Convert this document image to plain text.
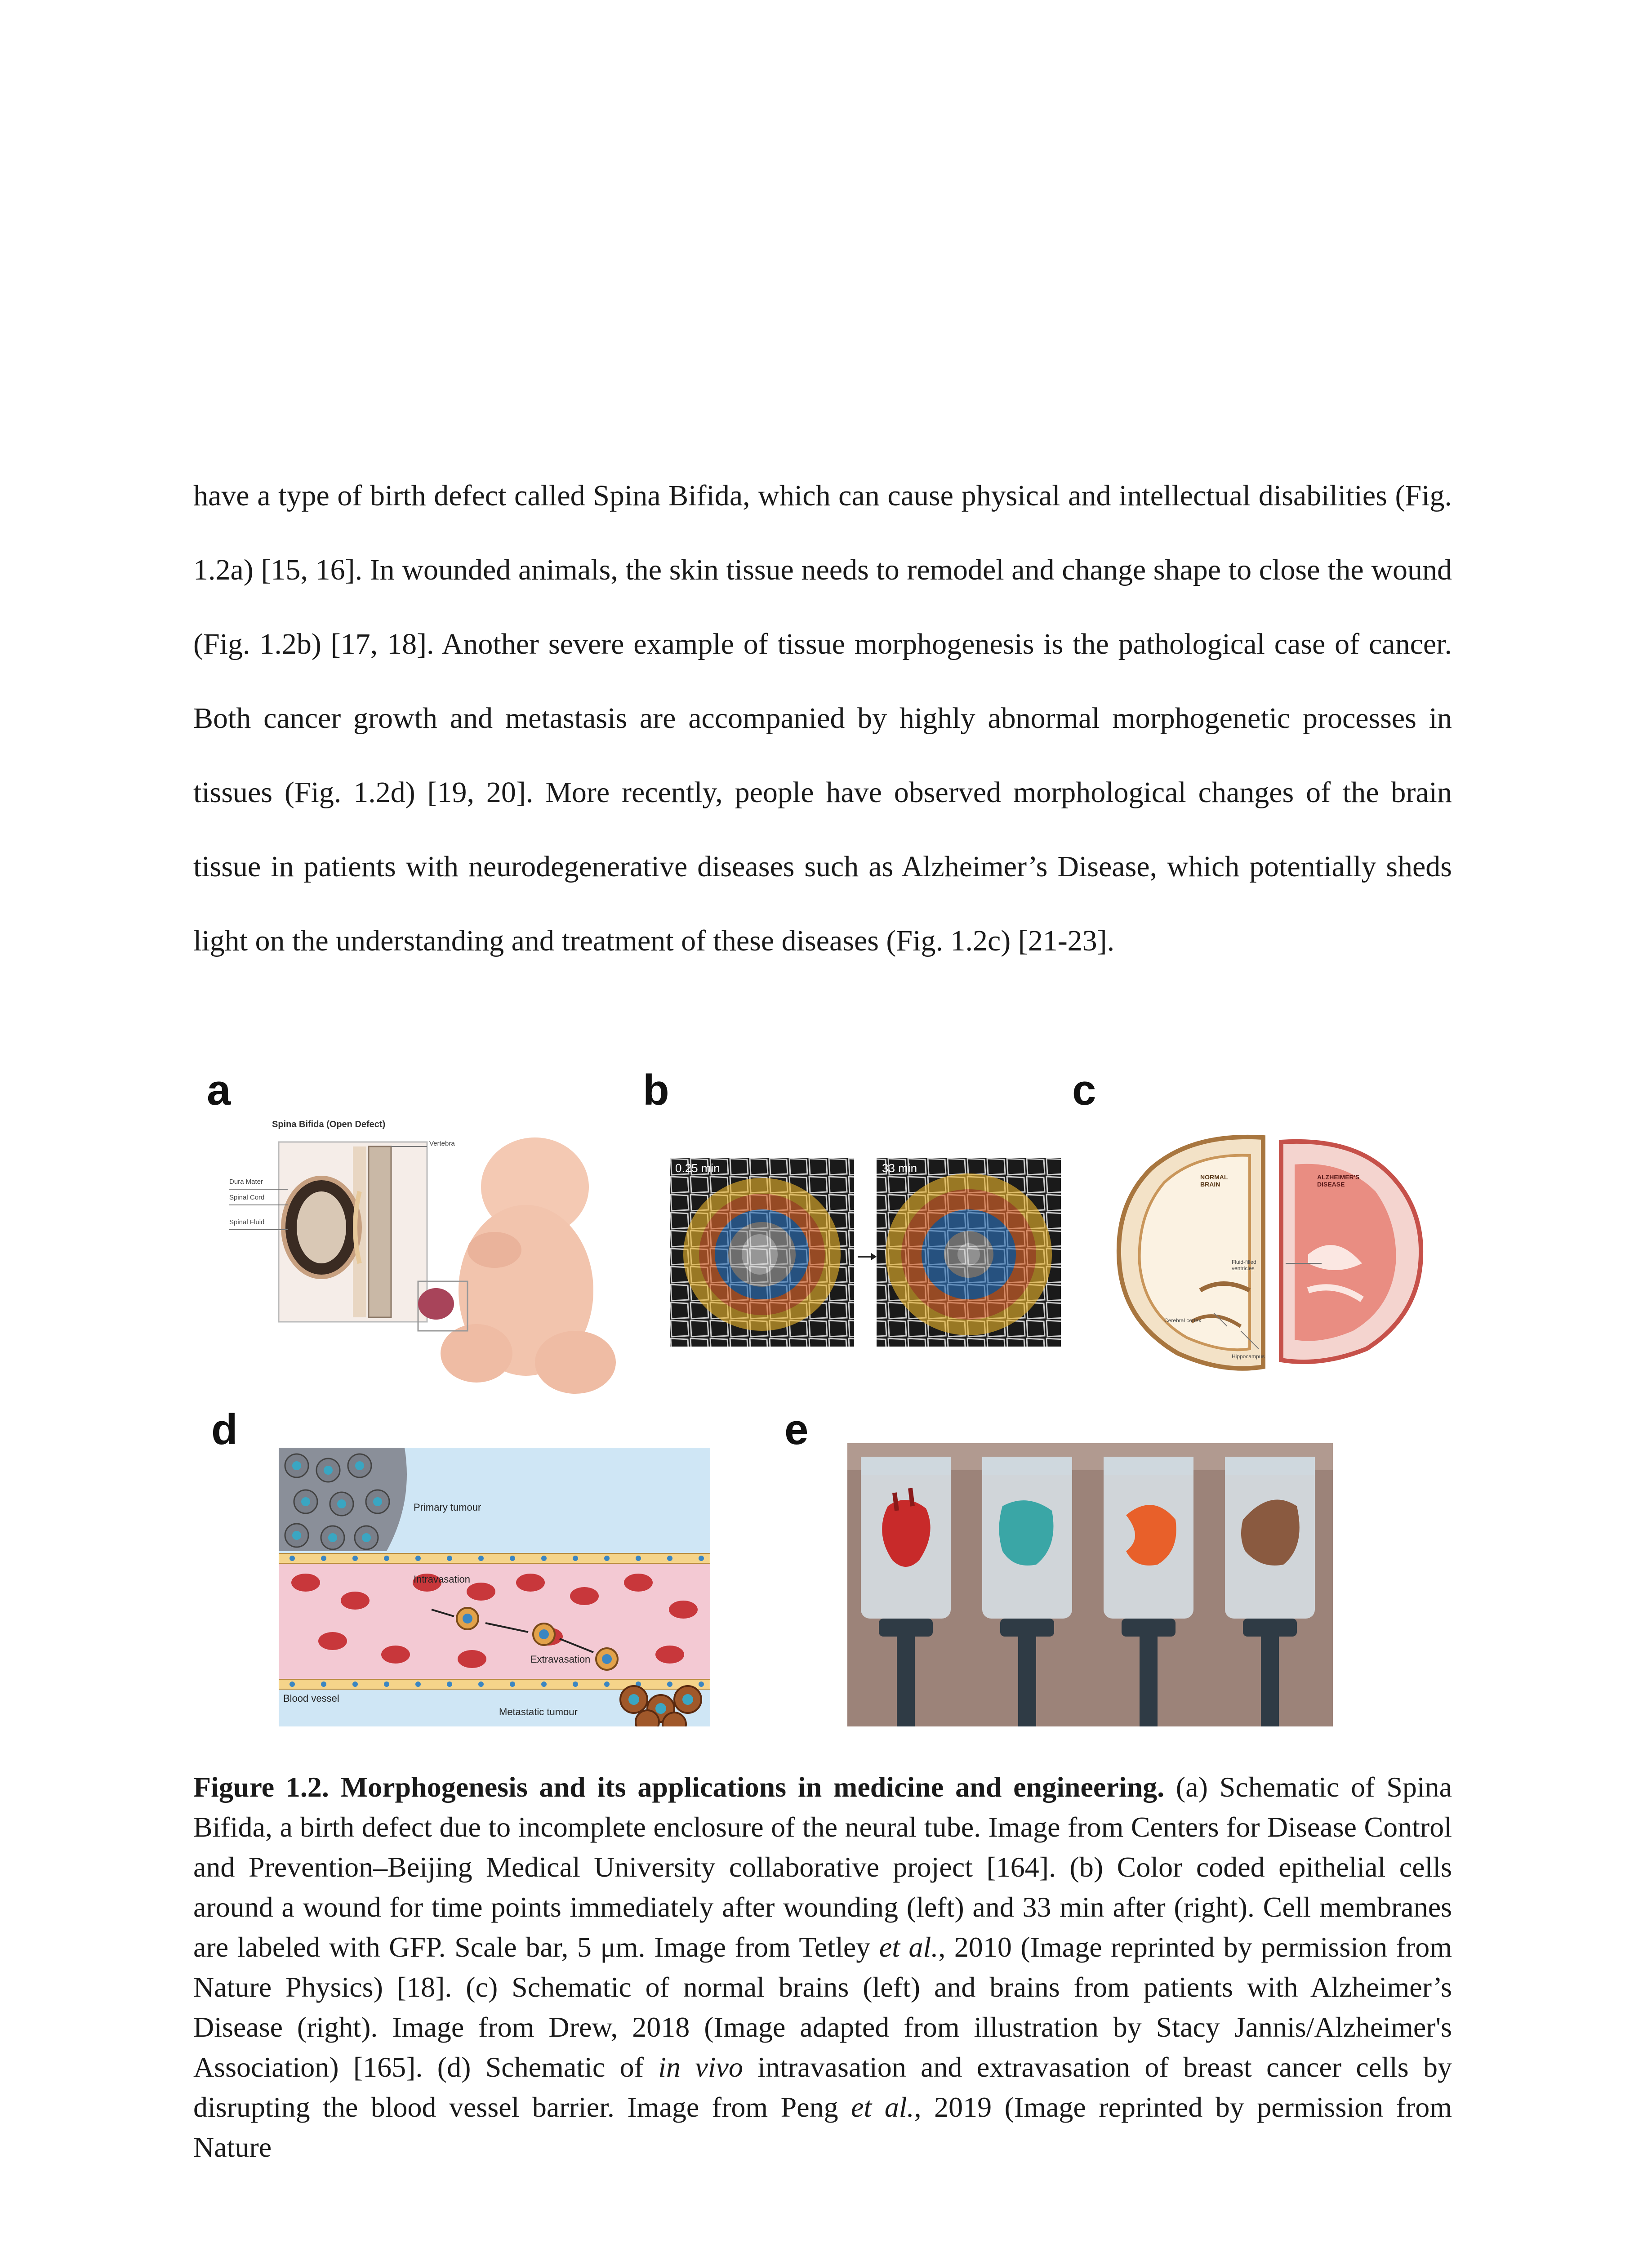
have a type of birth defect called Spina Bifida, which can cause physical and intellectual disabilities (Fig. 1.2a) [15, 16]. In wounded animals, the skin tissue needs to remodel and change shape to close the wound (Fig. 1.2b) [17, 18]. Another severe example of tissue morphogenesis is the pathological case of cancer. Both cancer growth and metastasis are accompanied by highly abnormal morphogenetic processes in tissues (Fig. 1.2d) [19, 20]. More recently, people have observed morphological changes of the brain tissue in patients with neurodegenerative diseases such as Alzheimer’s Disease, which potentially sheds light on the understanding and treatment of these diseases (Fig. 1.2c) [21-23].

a	b	c
d	e
Spina Bifida (Open Defect)
Vertebra
Dura Mater
Spinal Cord
Spinal Fluid
0.25 min	33 min
NORMAL BRAIN
ALZHEIMER'S DISEASE
Fluid-filled ventricles
Cerebral cortex
Hippocampus
Primary tumour
Intravasation
Extravasation
Blood vessel
Metastatic tumour
Figure 1.2. Morphogenesis and its applications in medicine and engineering. (a) Schematic of Spina Bifida, a birth defect due to incomplete enclosure of the neural tube. Image from Centers for Disease Control and Prevention–Beijing Medical University collaborative project [164]. (b) Color coded epithelial cells around a wound for time points immediately after wounding (left) and 33 min after (right). Cell membranes are labeled with GFP. Scale bar, 5 μm. Image from Tetley et al., 2010 (Image reprinted by permission from Nature Physics) [18]. (c) Schematic of normal brains (left) and brains from patients with Alzheimer’s Disease (right). Image from Drew, 2018 (Image adapted from illustration by Stacy Jannis/Alzheimer's Association) [165]. (d) Schematic of in vivo intravasation and extravasation of breast cancer cells by disrupting the blood vessel barrier. Image from Peng et al., 2019 (Image reprinted by permission from Nature
